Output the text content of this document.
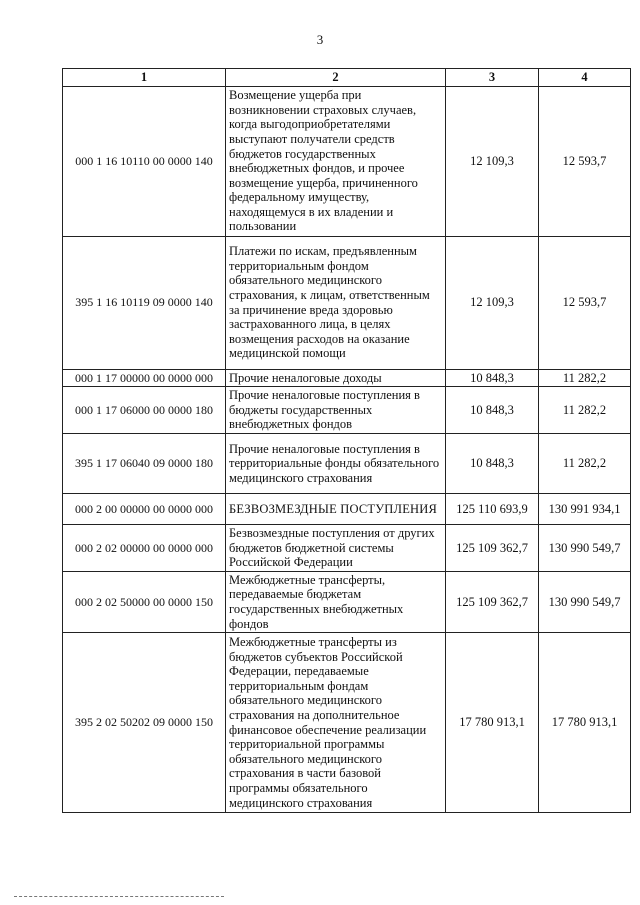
3
1	2	3	4
000 1 16 10110 00 0000 140	Возмещение ущерба при возникновении страховых случаев, когда выгодоприобретателями выступают получатели средств бюджетов государственных внебюджетных фондов, и прочее возмещение ущерба, причиненного федеральному имуществу, находящемуся в их владении и пользовании	12 109,3	12 593,7
395 1 16 10119 09 0000 140	Платежи по искам, предъявленным территориальным фондом обязательного медицинского страхования, к лицам, ответственным за причинение вреда здоровью застрахованного лица, в целях возмещения расходов на оказание медицинской помощи	12 109,3	12 593,7
000 1 17 00000 00 0000 000	Прочие неналоговые доходы	10 848,3	11 282,2
000 1 17 06000 00 0000 180	Прочие неналоговые поступления в бюджеты государственных внебюджетных фондов	10 848,3	11 282,2
395 1 17 06040 09 0000 180	Прочие неналоговые поступления в территориальные фонды обязательного медицинского страхования	10 848,3	11 282,2
000 2 00 00000 00 0000 000	БЕЗВОЗМЕЗДНЫЕ ПОСТУПЛЕНИЯ	125 110 693,9	130 991 934,1
000 2 02 00000 00 0000 000	Безвозмездные поступления от других бюджетов бюджетной системы Российской Федерации	125 109 362,7	130 990 549,7
000 2 02 50000 00 0000 150	Межбюджетные трансферты, передаваемые бюджетам государственных внебюджетных фондов	125 109 362,7	130 990 549,7
395 2 02 50202 09 0000 150	Межбюджетные трансферты из бюджетов субъектов Российской Федерации, передаваемые территориальным фондам обязательного медицинского страхования на дополнительное финансовое обеспечение реализации территориальной программы обязательного медицинского страхования в части базовой программы обязательного медицинского страхования	17 780 913,1	17 780 913,1
